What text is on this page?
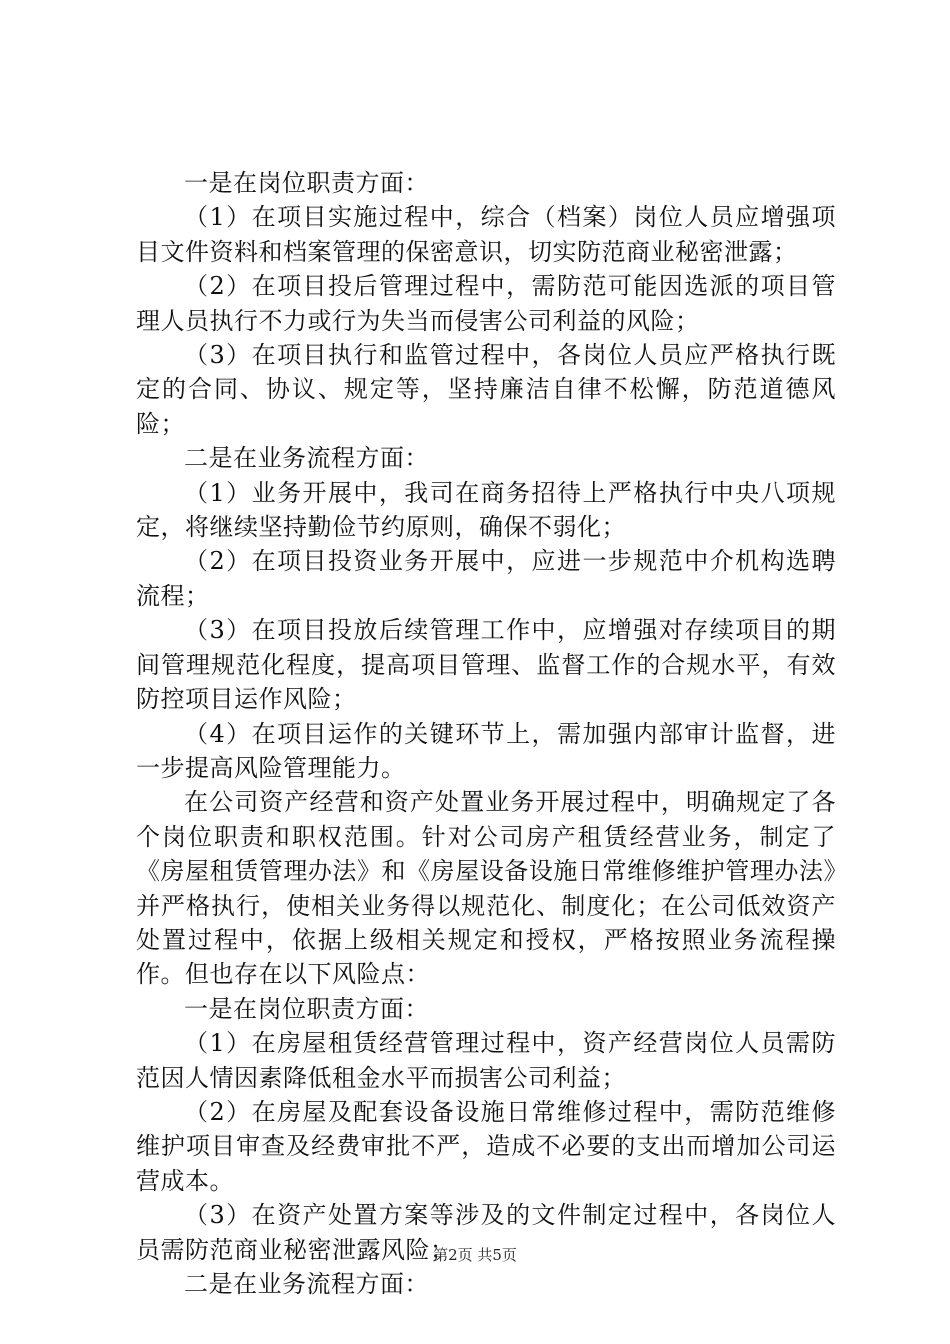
一是在岗位职责方面：

（1）在项目实施过程中，综合（档案）岗位人员应增强项目文件资料和档案管理的保密意识，切实防范商业秘密泄露；

（2）在项目投后管理过程中，需防范可能因选派的项目管理人员执行不力或行为失当而侵害公司利益的风险；

（3）在项目执行和监管过程中，各岗位人员应严格执行既定的合同、协议、规定等，坚持廉洁自律不松懈，防范道德风险；

二是在业务流程方面：

（1）业务开展中，我司在商务招待上严格执行中央八项规定，将继续坚持勤俭节约原则，确保不弱化；

（2）在项目投资业务开展中，应进一步规范中介机构选聘流程；

（3）在项目投放后续管理工作中，应增强对存续项目的期间管理规范化程度，提高项目管理、监督工作的合规水平，有效防控项目运作风险；

（4）在项目运作的关键环节上，需加强内部审计监督，进一步提高风险管理能力。

在公司资产经营和资产处置业务开展过程中，明确规定了各个岗位职责和职权范围。针对公司房产租赁经营业务，制定了《房屋租赁管理办法》和《房屋设备设施日常维修维护管理办法》并严格执行，使相关业务得以规范化、制度化；在公司低效资产处置过程中，依据上级相关规定和授权，严格按照业务流程操作。但也存在以下风险点：

一是在岗位职责方面：

（1）在房屋租赁经营管理过程中，资产经营岗位人员需防范因人情因素降低租金水平而损害公司利益；

（2）在房屋及配套设备设施日常维修过程中，需防范维修维护项目审查及经费审批不严，造成不必要的支出而增加公司运营成本。

（3）在资产处置方案等涉及的文件制定过程中，各岗位人员需防范商业秘密泄露风险；

二是在业务流程方面：

第2页 共5页
